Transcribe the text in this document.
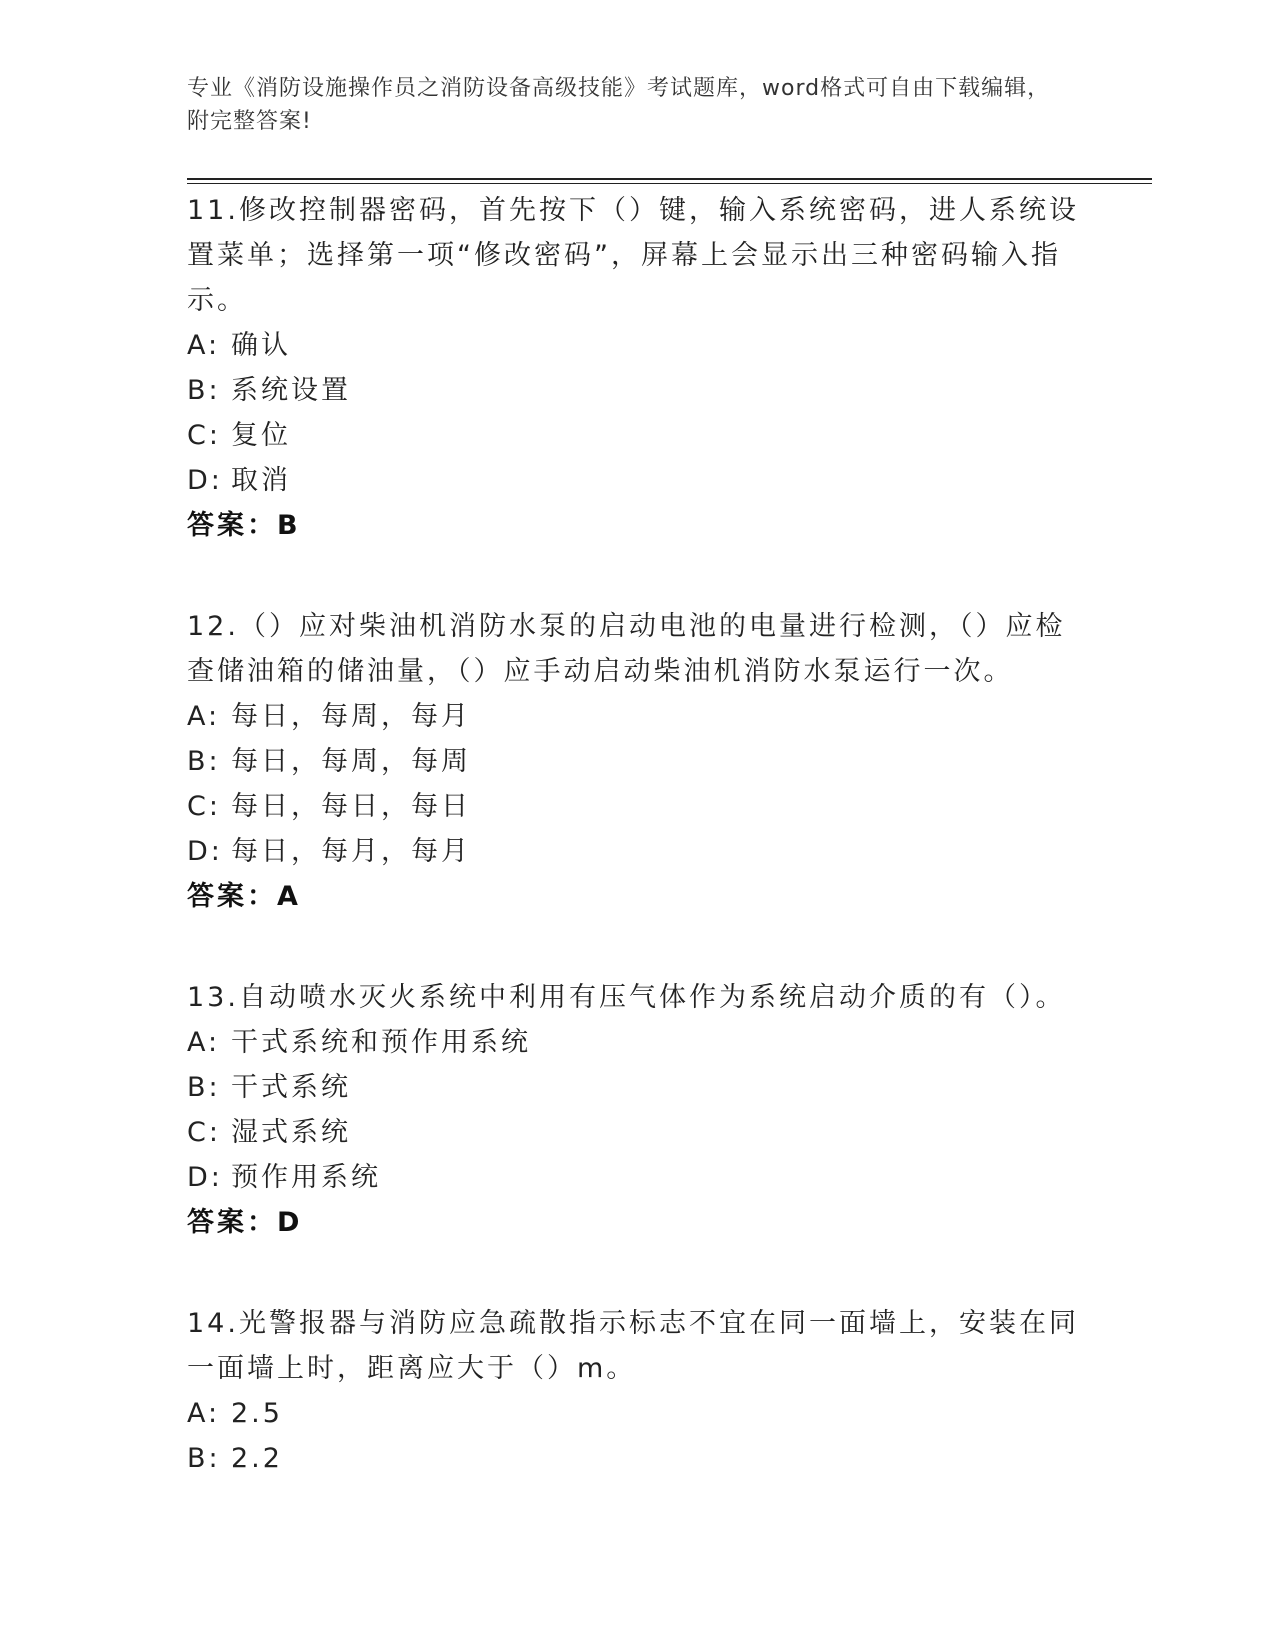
专业《消防设施操作员之消防设备高级技能》考试题库，word格式可自由下载编辑，附完整答案!

11.修改控制器密码，首先按下（）键，输入系统密码，进人系统设置菜单；选择第一项“修改密码”，屏幕上会显示出三种密码输入指示。

A: 确认

B: 系统设置

C: 复位

D: 取消

答案：B

12.（）应对柴油机消防水泵的启动电池的电量进行检测，（）应检查储油箱的储油量，（）应手动启动柴油机消防水泵运行一次。

A: 每日，每周，每月

B: 每日，每周，每周

C: 每日，每日，每日

D: 每日，每月，每月

答案：A

13.自动喷水灭火系统中利用有压气体作为系统启动介质的有（）。

A: 干式系统和预作用系统

B: 干式系统

C: 湿式系统

D: 预作用系统

答案：D

14.光警报器与消防应急疏散指示标志不宜在同一面墙上，安装在同一面墙上时，距离应大于（）m。

A: 2.5

B: 2.2
